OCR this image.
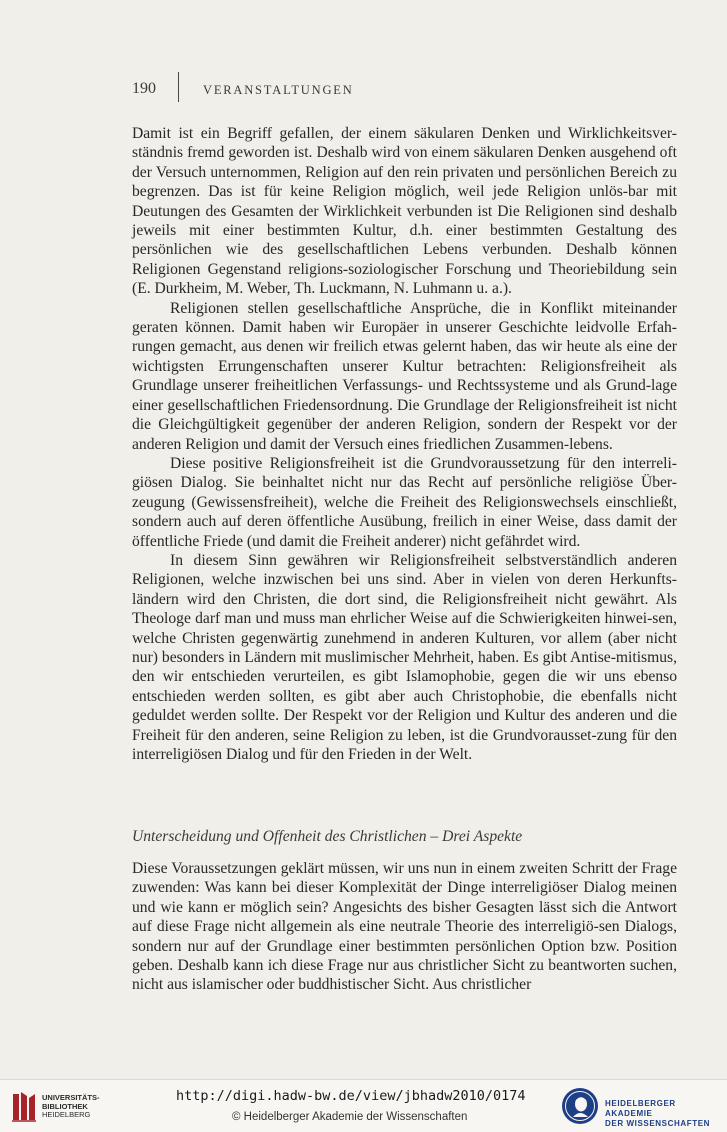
190	VERANSTALTUNGEN

Damit ist ein Begriff gefallen, der einem säkularen Denken und Wirklichkeitsver-ständnis fremd geworden ist. Deshalb wird von einem säkularen Denken ausgehend oft der Versuch unternommen, Religion auf den rein privaten und persönlichen Bereich zu begrenzen. Das ist für keine Religion möglich, weil jede Religion unlös-bar mit Deutungen des Gesamten der Wirklichkeit verbunden ist Die Religionen sind deshalb jeweils mit einer bestimmten Kultur, d.h. einer bestimmten Gestaltung des persönlichen wie des gesellschaftlichen Lebens verbunden. Deshalb können Religionen Gegenstand religions-soziologischer Forschung und Theoriebildung sein (E. Durkheim, M. Weber, Th. Luckmann, N. Luhmann u. a.).

Religionen stellen gesellschaftliche Ansprüche, die in Konflikt miteinander geraten können. Damit haben wir Europäer in unserer Geschichte leidvolle Erfah-rungen gemacht, aus denen wir freilich etwas gelernt haben, das wir heute als eine der wichtigsten Errungenschaften unserer Kultur betrachten: Religionsfreiheit als Grundlage unserer freiheitlichen Verfassungs- und Rechtssysteme und als Grund-lage einer gesellschaftlichen Friedensordnung. Die Grundlage der Religionsfreiheit ist nicht die Gleichgültigkeit gegenüber der anderen Religion, sondern der Respekt vor der anderen Religion und damit der Versuch eines friedlichen Zusammen-lebens.

Diese positive Religionsfreiheit ist die Grundvoraussetzung für den interreli-giösen Dialog. Sie beinhaltet nicht nur das Recht auf persönliche religiöse Über-zeugung (Gewissensfreiheit), welche die Freiheit des Religionswechsels einschließt, sondern auch auf deren öffentliche Ausübung, freilich in einer Weise, dass damit der öffentliche Friede (und damit die Freiheit anderer) nicht gefährdet wird.

In diesem Sinn gewähren wir Religionsfreiheit selbstverständlich anderen Religionen, welche inzwischen bei uns sind. Aber in vielen von deren Herkunfts-ländern wird den Christen, die dort sind, die Religionsfreiheit nicht gewährt. Als Theologe darf man und muss man ehrlicher Weise auf die Schwierigkeiten hinwei-sen, welche Christen gegenwärtig zunehmend in anderen Kulturen, vor allem (aber nicht nur) besonders in Ländern mit muslimischer Mehrheit, haben. Es gibt Antise-mitismus, den wir entschieden verurteilen, es gibt Islamophobie, gegen die wir uns ebenso entschieden werden sollten, es gibt aber auch Christophobie, die ebenfalls nicht geduldet werden sollte. Der Respekt vor der Religion und Kultur des anderen und die Freiheit für den anderen, seine Religion zu leben, ist die Grundvorausset-zung für den interreligiösen Dialog und für den Frieden in der Welt.

Unterscheidung und Offenheit des Christlichen – Drei Aspekte

Diese Voraussetzungen geklärt müssen, wir uns nun in einem zweiten Schritt der Frage zuwenden: Was kann bei dieser Komplexität der Dinge interreligiöser Dialog meinen und wie kann er möglich sein? Angesichts des bisher Gesagten lässt sich die Antwort auf diese Frage nicht allgemein als eine neutrale Theorie des interreligiö-sen Dialogs, sondern nur auf der Grundlage einer bestimmten persönlichen Option bzw. Position geben. Deshalb kann ich diese Frage nur aus christlicher Sicht zu beantworten suchen, nicht aus islamischer oder buddhistischer Sicht. Aus christlicher

UNIVERSITÄTS-
BIBLIOTHEK
HEIDELBERG
http://digi.hadw-bw.de/view/jbhadw2010/0174
© Heidelberger Akademie der Wissenschaften
HEIDELBERGER AKADEMIE
DER WISSENSCHAFTEN
